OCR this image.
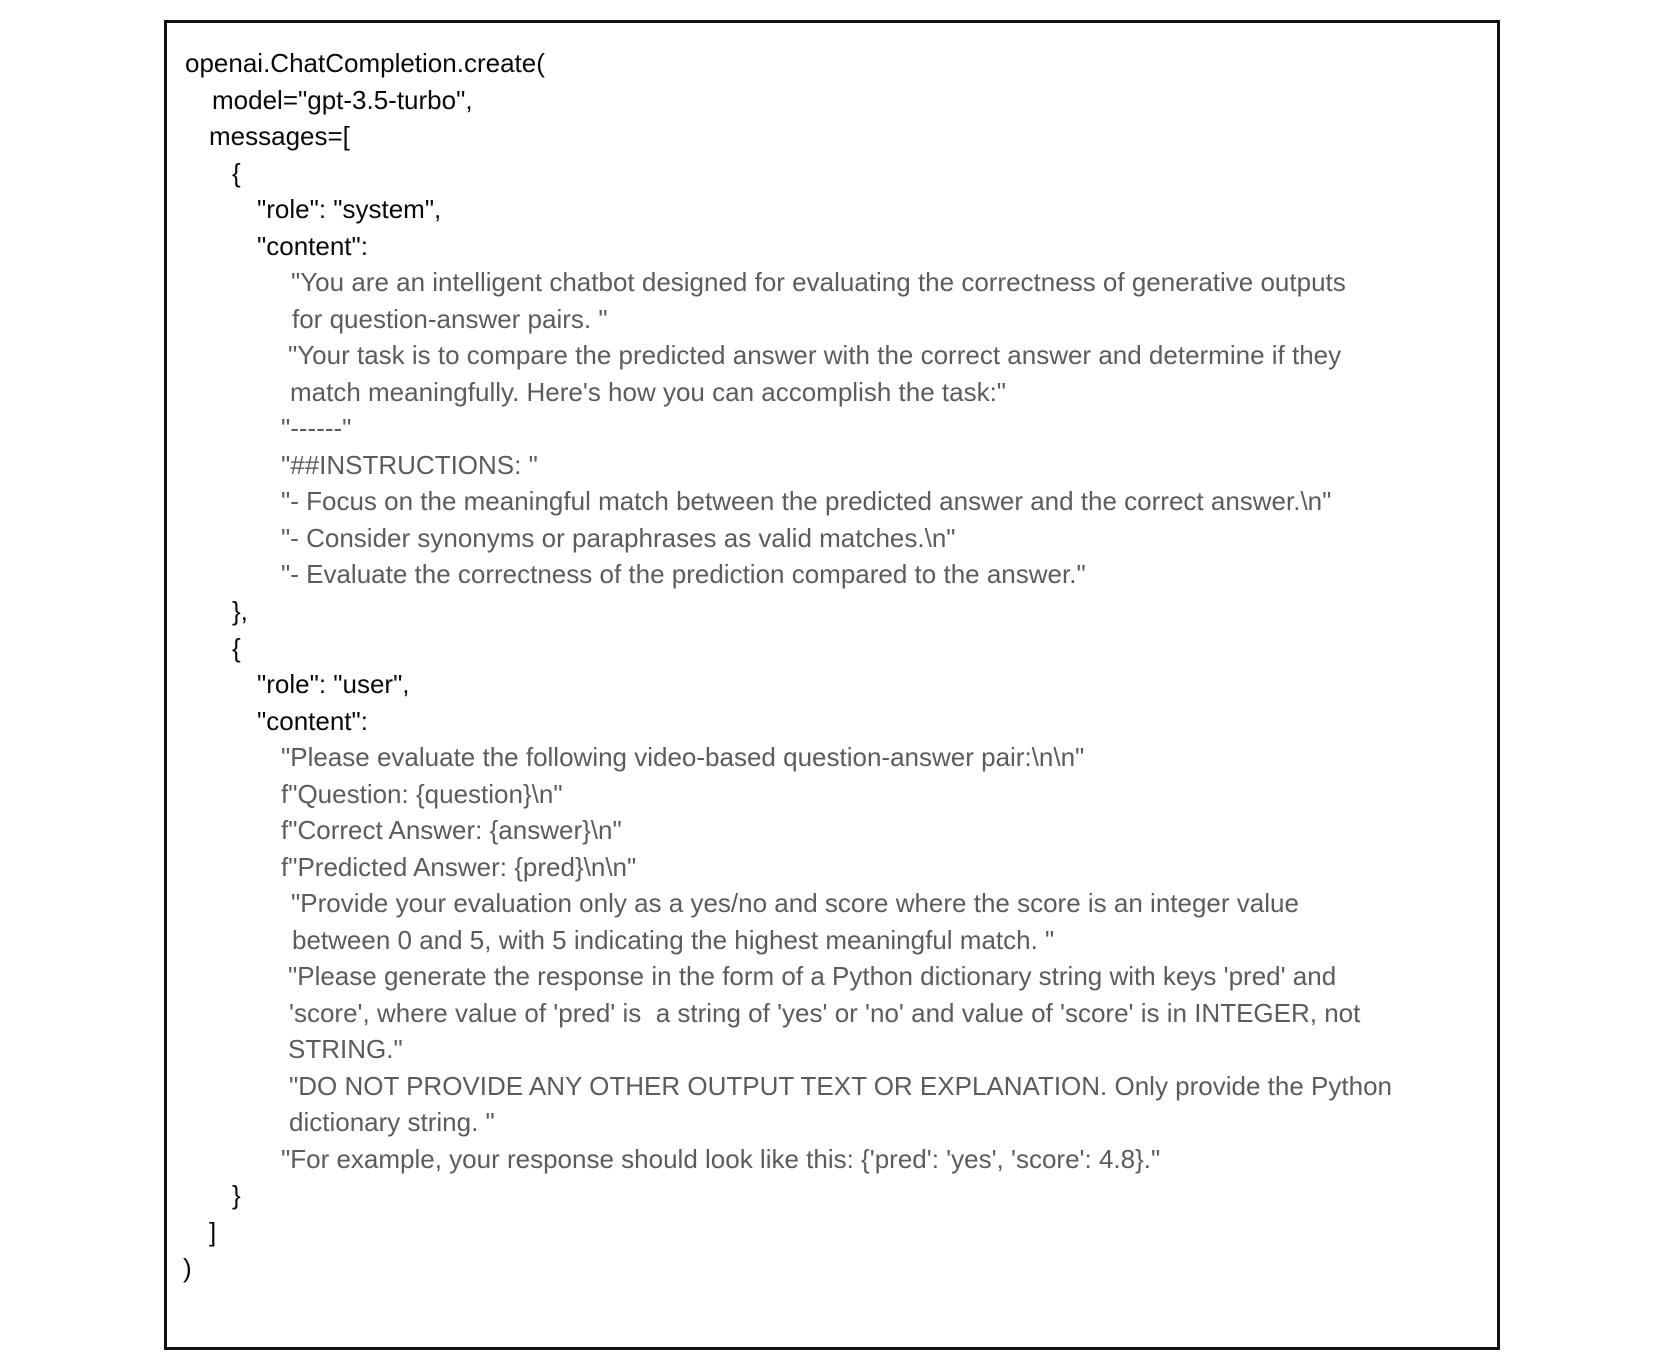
openai.ChatCompletion.create(
model="gpt-3.5-turbo",
messages=[
{
"role": "system",
"content":
"You are an intelligent chatbot designed for evaluating the correctness of generative outputs
for question-answer pairs. "
"Your task is to compare the predicted answer with the correct answer and determine if they
match meaningfully. Here's how you can accomplish the task:"
"------"
"##INSTRUCTIONS: "
"- Focus on the meaningful match between the predicted answer and the correct answer.\n"
"- Consider synonyms or paraphrases as valid matches.\n"
"- Evaluate the correctness of the prediction compared to the answer."
},
{
"role": "user",
"content":
"Please evaluate the following video-based question-answer pair:\n\n"
f"Question: {question}\n"
f"Correct Answer: {answer}\n"
f"Predicted Answer: {pred}\n\n"
"Provide your evaluation only as a yes/no and score where the score is an integer value
between 0 and 5, with 5 indicating the highest meaningful match. "
"Please generate the response in the form of a Python dictionary string with keys 'pred' and
'score', where value of 'pred' is  a string of 'yes' or 'no' and value of 'score' is in INTEGER, not
STRING."
"DO NOT PROVIDE ANY OTHER OUTPUT TEXT OR EXPLANATION. Only provide the Python
dictionary string. "
"For example, your response should look like this: {'pred': 'yes', 'score': 4.8}."
}
]
)
